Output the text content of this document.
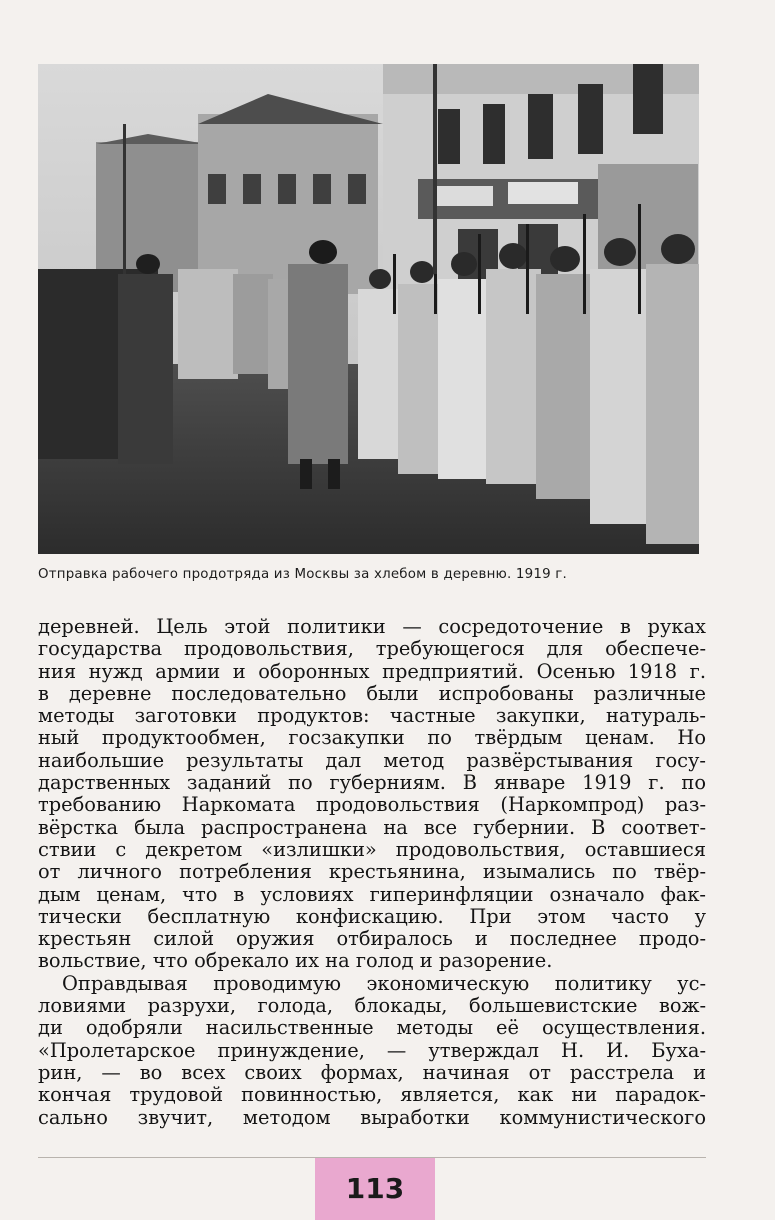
Отправка рабочего продотряда из Москвы за хлебом в деревню. 1919 г.
деревней. Цель этой политики — сосредоточение в руках
государства продовольствия, требующегося для обеспече-
ния нужд армии и оборонных предприятий. Осенью 1918 г.
в деревне последовательно были испробованы различные
методы заготовки продуктов: частные закупки, натураль-
ный продуктообмен, госзакупки по твёрдым ценам. Но
наибольшие результаты дал метод развёрстывания госу-
дарственных заданий по губерниям. В январе 1919 г. по
требованию Наркомата продовольствия (Наркомпрод) раз-
вёрстка была распространена на все губернии. В соответ-
ствии с декретом «излишки» продовольствия, оставшиеся
от личного потребления крестьянина, изымались по твёр-
дым ценам, что в условиях гиперинфляции означало фак-
тически бесплатную конфискацию. При этом часто у
крестьян силой оружия отбиралось и последнее продо-
вольствие, что обрекало их на голод и разорение.
Оправдывая проводимую экономическую политику ус-
ловиями разрухи, голода, блокады, большевистские вож-
ди одобряли насильственные методы её осуществления.
«Пролетарское принуждение, — утверждал Н. И. Буха-
рин, — во всех своих формах, начиная от расстрела и
кончая трудовой повинностью, является, как ни парадок-
сально звучит, методом выработки коммунистического
113
